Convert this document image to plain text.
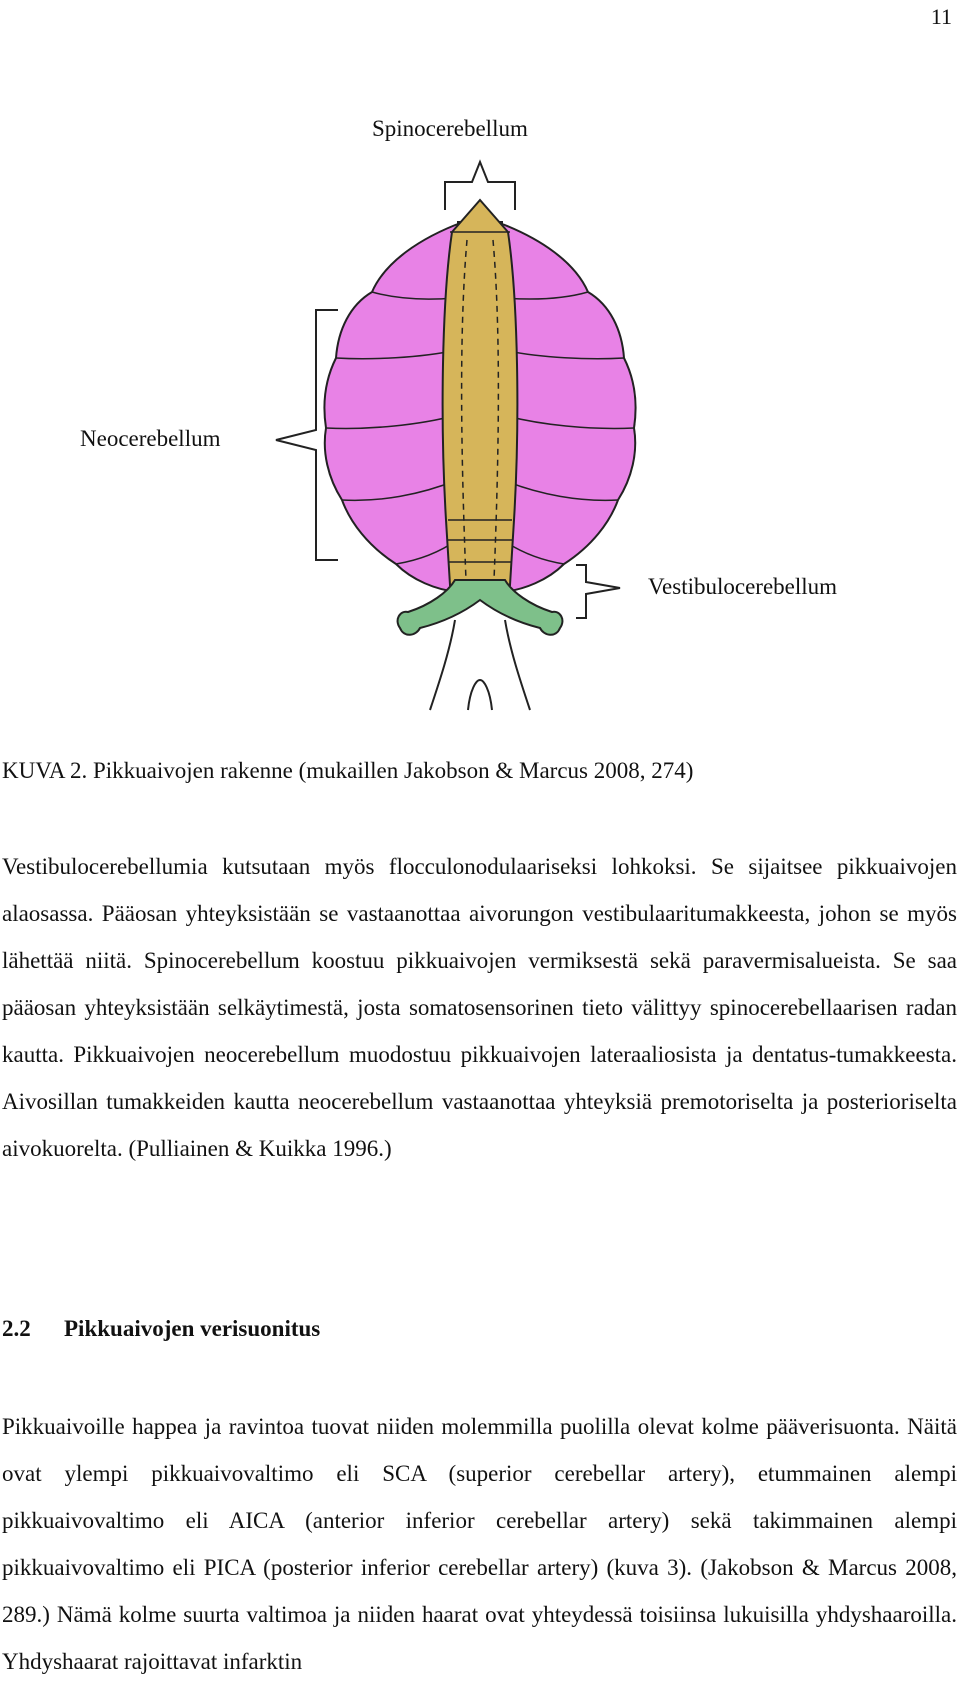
11
Spinocerebellum
Neocerebellum
Vestibulocerebellum
KUVA 2. Pikkuaivojen rakenne (mukaillen Jakobson & Marcus 2008, 274)

Vestibulocerebellumia kutsutaan myös flocculonodulaariseksi lohkoksi. Se sijaitsee pikkuaivojen alaosassa. Pääosan yhteyksistään se vastaanottaa aivorungon vestibulaaritumakkeesta, johon se myös lähettää niitä. Spinocerebellum koostuu pikkuaivojen vermiksestä sekä paravermisalueista. Se saa pääosan yhteyksistään selkäytimestä, josta somatosensorinen tieto välittyy spinocerebellaarisen radan kautta. Pikkuaivojen neocerebellum muodostuu pikkuaivojen lateraaliosista ja dentatus-tumakkeesta. Aivosillan tumakkeiden kautta neocerebellum vastaanottaa yhteyksiä premotoriselta ja posterioriselta aivokuorelta. (Pulliainen & Kuikka 1996.)

2.2 Pikkuaivojen verisuonitus

Pikkuaivoille happea ja ravintoa tuovat niiden molemmilla puolilla olevat kolme pääverisuonta. Näitä ovat ylempi pikkuaivovaltimo eli SCA (superior cerebellar artery), etummainen alempi pikkuaivovaltimo eli AICA (anterior inferior cerebellar artery) sekä takimmainen alempi pikkuaivovaltimo eli PICA (posterior inferior cerebellar artery) (kuva 3). (Jakobson & Marcus 2008, 289.) Nämä kolme suurta valtimoa ja niiden haarat ovat yhteydessä toisiinsa lukuisilla yhdyshaaroilla. Yhdyshaarat rajoittavat infarktin
